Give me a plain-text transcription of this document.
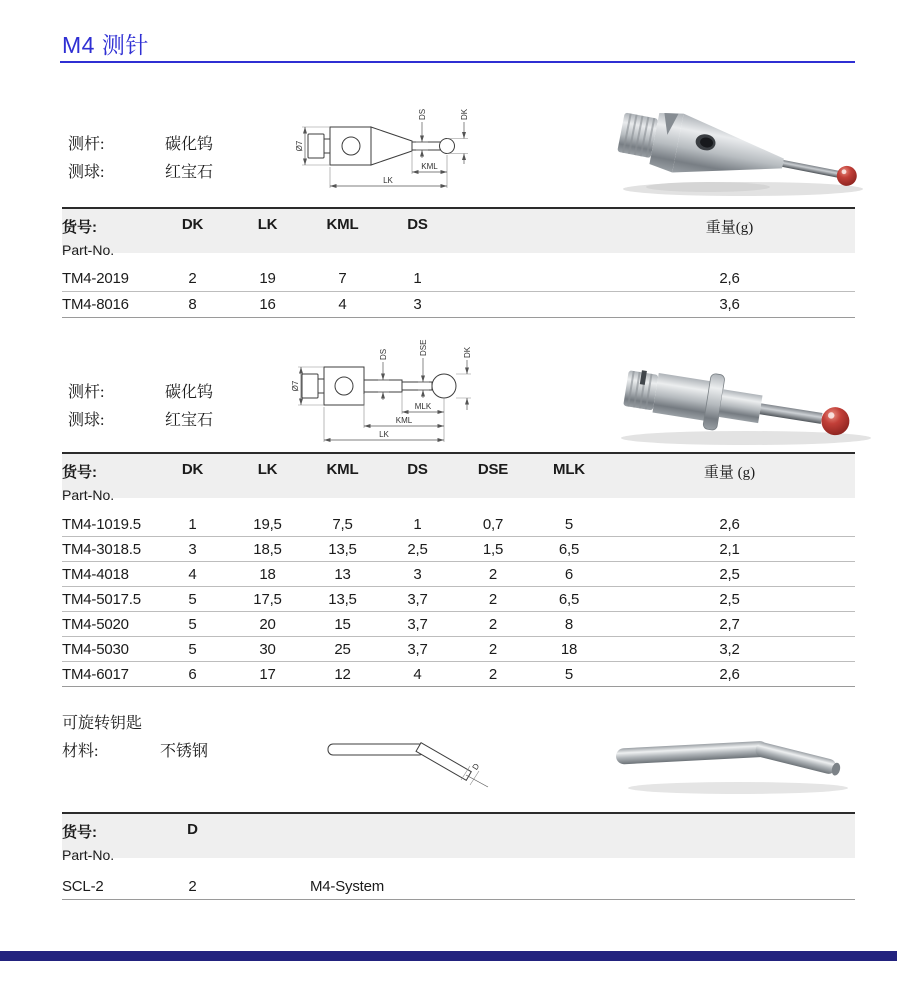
M4 测针
测杆:	碳化钨
测球:	红宝石
Ø7
DS	DK
KML
LK
货号:
Part-No.
DK	LK	KML	DS	重量(g)
TM4-2019	2	19	7	1	2,6
TM4-8016	8	16	4	3	3,6
测杆:	碳化钨
测球:	红宝石
Ø7
DS	DSE	DK
MLK
KML
LK
货号:
Part-No.
DK	LK	KML	DS	DSE	MLK	重量 (g)
TM4-1019.5	1	19,5	7,5	1	0,7	5	2,6
TM4-3018.5	3	18,5	13,5	2,5	1,5	6,5	2,1
TM4-4018	4	18	13	3	2	6	2,5
TM4-5017.5	5	17,5	13,5	3,7	2	6,5	2,5
TM4-5020	5	20	15	3,7	2	8	2,7
TM4-5030	5	30	25	3,7	2	18	3,2
TM4-6017	6	17	12	4	2	5	2,6
可旋转钥匙
材料:	不锈钢
D
货号:
Part-No.
D
SCL-2	2	M4-System
